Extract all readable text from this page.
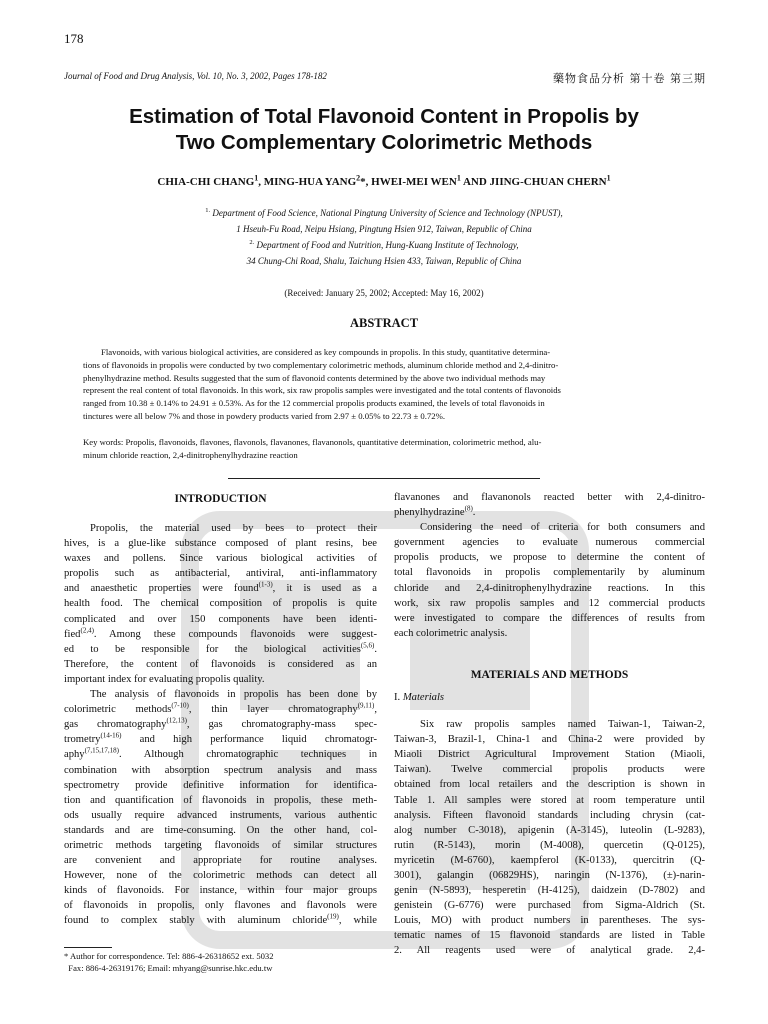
178
Journal of Food and Drug Analysis, Vol. 10, No. 3, 2002, Pages 178-182	藥物食品分析 第十卷 第三期
Estimation of Total Flavonoid Content in Propolis by
Two Complementary Colorimetric Methods
CHIA-CHI CHANG$^1$, MING-HUA YANG$^2$*, HWEI-MEI WEN$^1$ AND JIING-CHUAN CHERN$^1$
$^{1.}$ Department of Food Science, National Pingtung University of Science and Technology (NPUST),
1 Hseuh-Fu Road, Neipu Hsiang, Pingtung Hsien 912, Taiwan, Republic of China
$^{2.}$ Department of Food and Nutrition, Hung-Kuang Institute of Technology,
34 Chung-Chi Road, Shalu, Taichung Hsien 433, Taiwan, Republic of China
(Received: January 25, 2002; Accepted: May 16, 2002)
ABSTRACT
Flavonoids, with various biological activities, are considered as key compounds in propolis. In this study, quantitative determina-
tions of flavonoids in propolis were conducted by two complementary colorimetric methods, aluminum chloride method and 2,4-dinitro-
phenylhydrazine method. Results suggested that the sum of flavonoid contents determined by the above two individual methods may
represent the real content of total flavonoids. In this work, six raw propolis samples were investigated and the total contents of flavonoids
ranged from 10.38 ± 0.14% to 24.91 ± 0.53%. As for the 12 commercial propolis products examined, the levels of total flavonoids in
tinctures were all below 7% and those in powdery products varied from 2.97 ± 0.05% to 22.73 ± 0.72%.
Key words: Propolis, flavonoids, flavones, flavonols, flavanones, flavanonols, quantitative determination, colorimetric method, alu-
minum chloride reaction, 2,4-dinitrophenylhydrazine reaction
INTRODUCTION
Propolis, the material used by bees to protect their
hives, is a glue-like substance composed of plant resins, bee
waxes and pollens. Since various biological activities of
propolis such as antibacterial, antiviral, anti-inflammatory
and anaesthetic properties were found$^{(1-3)}$, it is used as a
health food. The chemical composition of propolis is quite
complicated and over 150 components have been identi-
fied$^{(2,4)}$. Among these compounds flavonoids were suggest-
ed to be responsible for the biological activities$^{(5,6)}$.
Therefore, the content of flavonoids is considered as an
important index for evaluating propolis quality.
The analysis of flavonoids in propolis has been done by
colorimetric methods$^{(7-10)}$, thin layer chromatography$^{(9,11)}$,
gas chromatography$^{(12,13)}$, gas chromatography-mass spec-
trometry$^{(14-16)}$ and high performance liquid chromatogr-
aphy$^{(7,15,17,18)}$. Although chromatographic techniques in
combination with absorption spectrum analysis and mass
spectrometry provide definitive information for identifica-
tion and quantification of flavonoids in propolis, these meth-
ods usually require advanced instruments, various authentic
standards and are time-consuming. On the other hand, col-
orimetric methods targeting flavonoids of similar structures
are convenient and appropriate for routine analyses.
However, none of the colorimetric methods can detect all
kinds of flavonoids. For instance, within four major groups
of flavonoids in propolis, only flavones and flavonols were
found to complex stably with aluminum chloride$^{(19)}$, while
flavanones and flavanonols reacted better with 2,4-dinitro-
phenylhydrazine$^{(8)}$.
Considering the need of criteria for both consumers and
government agencies to evaluate numerous commercial
propolis products, we propose to determine the content of
total flavonoids in propolis complementarily by aluminum
chloride and 2,4-dinitrophenylhydrazine reactions. In this
work, six raw propolis samples and 12 commercial products
were investigated to compare the differences of results from
each colorimetric analysis.
MATERIALS AND METHODS
I. Materials
Six raw propolis samples named Taiwan-1, Taiwan-2,
Taiwan-3, Brazil-1, China-1 and China-2 were provided by
Miaoli District Agricultural Improvement Station (Miaoli,
Taiwan). Twelve commercial propolis products were
obtained from local retailers and the description is shown in
Table 1. All samples were stored at room temperature until
analysis. Fifteen flavonoid standards including chrysin (cat-
alog number C-3018), apigenin (A-3145), luteolin (L-9283),
rutin (R-5143), morin (M-4008), quercetin (Q-0125),
myricetin (M-6760), kaempferol (K-0133), quercitrin (Q-
3001), galangin (06829HS), naringin (N-1376), (±)-narin-
genin (N-5893), hesperetin (H-4125), daidzein (D-7802) and
genistein (G-6776) were purchased from Sigma-Aldrich (St.
Louis, MO) with product numbers in parentheses. The sys-
tematic names of 15 flavonoid standards are listed in Table
2. All reagents used were of analytical grade. 2,4-
* Author for correspondence. Tel: 886-4-26318652 ext. 5032
Fax: 886-4-26319176; Email: mhyang@sunrise.hkc.edu.tw
